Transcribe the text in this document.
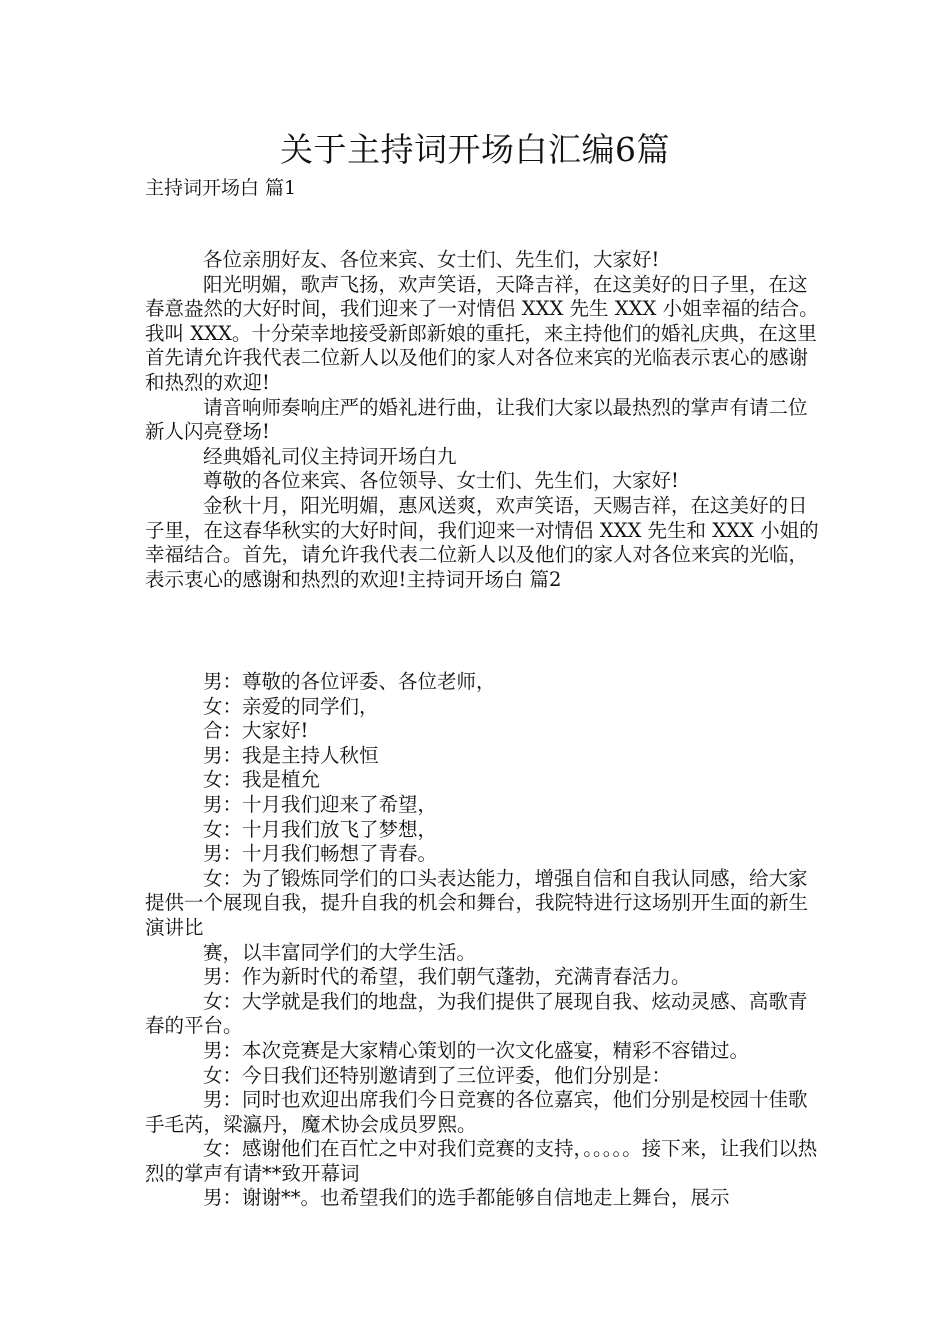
关于主持词开场白汇编6篇
主持词开场白 篇1

各位亲朋好友、各位来宾、女士们、先生们，大家好!

阳光明媚，歌声飞扬，欢声笑语，天降吉祥，在这美好的日子里，在这春意盎然的大好时间，我们迎来了一对情侣 XXX 先生 XXX 小姐幸福的结合。我叫 XXX。十分荣幸地接受新郎新娘的重托，来主持他们的婚礼庆典，在这里首先请允许我代表二位新人以及他们的家人对各位来宾的光临表示衷心的感谢和热烈的欢迎!

请音响师奏响庄严的婚礼进行曲，让我们大家以最热烈的掌声有请二位新人闪亮登场!

经典婚礼司仪主持词开场白九

尊敬的各位来宾、各位领导、女士们、先生们，大家好!

金秋十月，阳光明媚，惠风送爽，欢声笑语，天赐吉祥，在这美好的日子里，在这春华秋实的大好时间，我们迎来一对情侣 XXX 先生和 XXX 小姐的幸福结合。首先，请允许我代表二位新人以及他们的家人对各位来宾的光临，表示衷心的感谢和热烈的欢迎!主持词开场白 篇2

男：尊敬的各位评委、各位老师，

女：亲爱的同学们，

合：大家好!

男：我是主持人秋恒

女：我是植允

男：十月我们迎来了希望，

女：十月我们放飞了梦想，

男：十月我们畅想了青春。

女：为了锻炼同学们的口头表达能力，增强自信和自我认同感，给大家提供一个展现自我，提升自我的机会和舞台，我院特进行这场别开生面的新生演讲比

赛，以丰富同学们的大学生活。

男：作为新时代的希望，我们朝气蓬勃，充满青春活力。

女：大学就是我们的地盘，为我们提供了展现自我、炫动灵感、高歌青春的平台。

男：本次竞赛是大家精心策划的一次文化盛宴，精彩不容错过。

女：今日我们还特别邀请到了三位评委，他们分别是：

男：同时也欢迎出席我们今日竞赛的各位嘉宾，他们分别是校园十佳歌手毛芮，梁瀛丹，魔术协会成员罗熙。

女：感谢他们在百忙之中对我们竞赛的支持，。。。。。接下来，让我们以热烈的掌声有请**致开幕词

男：谢谢**。也希望我们的选手都能够自信地走上舞台，展示
